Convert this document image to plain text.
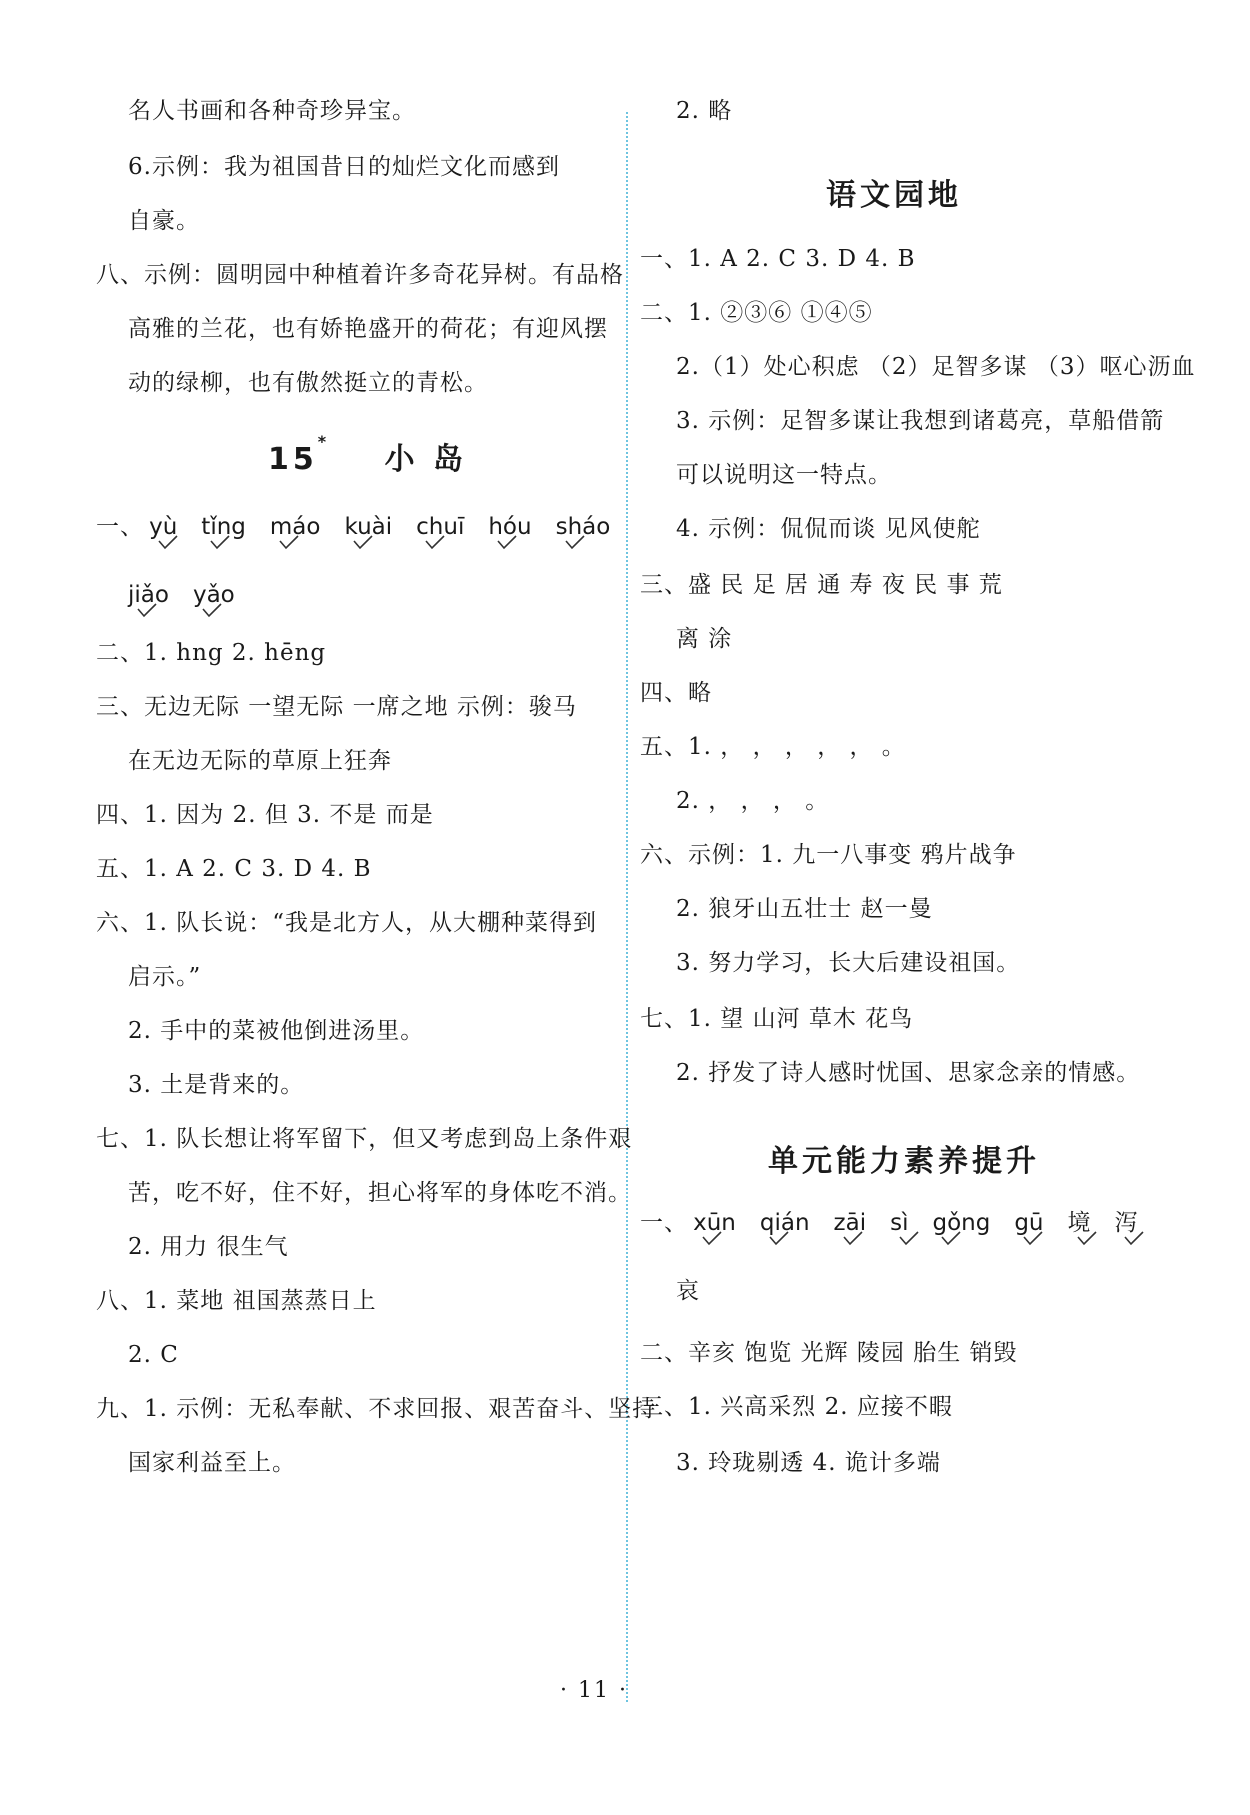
名人书画和各种奇珍异宝。
6.示例：我为祖国昔日的灿烂文化而感到
自豪。
八、示例：圆明园中种植着许多奇花异树。有品格
高雅的兰花，也有娇艳盛开的荷花；有迎风摆
动的绿柳，也有傲然挺立的青松。
15* 小 岛
一、 yù tǐng máo kuài chuī hóu sháo
jiǎo yǎo
二、1. hng 2. hēng
三、无边无际 一望无际 一席之地 示例：骏马
在无边无际的草原上狂奔
四、1. 因为 2. 但 3. 不是 而是
五、1. A 2. C 3. D 4. B
六、1. 队长说：“我是北方人，从大棚种菜得到
启示。”
2. 手中的菜被他倒进汤里。
3. 土是背来的。
七、1. 队长想让将军留下，但又考虑到岛上条件艰
苦，吃不好，住不好，担心将军的身体吃不消。
2. 用力 很生气
八、1. 菜地 祖国蒸蒸日上
2. C
九、1. 示例：无私奉献、不求回报、艰苦奋斗、坚持
国家利益至上。
2. 略
语文园地
一、1. A 2. C 3. D 4. B
二、1. ②③⑥ ①④⑤
2.（1）处心积虑 （2）足智多谋 （3）呕心沥血
3. 示例：足智多谋让我想到诸葛亮，草船借箭
可以说明这一特点。
4. 示例：侃侃而谈 见风使舵
三、盛 民 足 居 通 寿 夜 民 事 荒
离 涂
四、略
五、1. ， ， ， ， ， 。
2. ， ， ， 。
六、示例：1. 九一八事变 鸦片战争
2. 狼牙山五壮士 赵一曼
3. 努力学习，长大后建设祖国。
七、1. 望 山河 草木 花鸟
2. 抒发了诗人感时忧国、思家念亲的情感。
单元能力素养提升
一、 xūn qián zāi sì gǒng gū 境 泻
哀
二、辛亥 饱览 光辉 陵园 胎生 销毁
三、1. 兴高采烈 2. 应接不暇
3. 玲珑剔透 4. 诡计多端
· 11 ·
